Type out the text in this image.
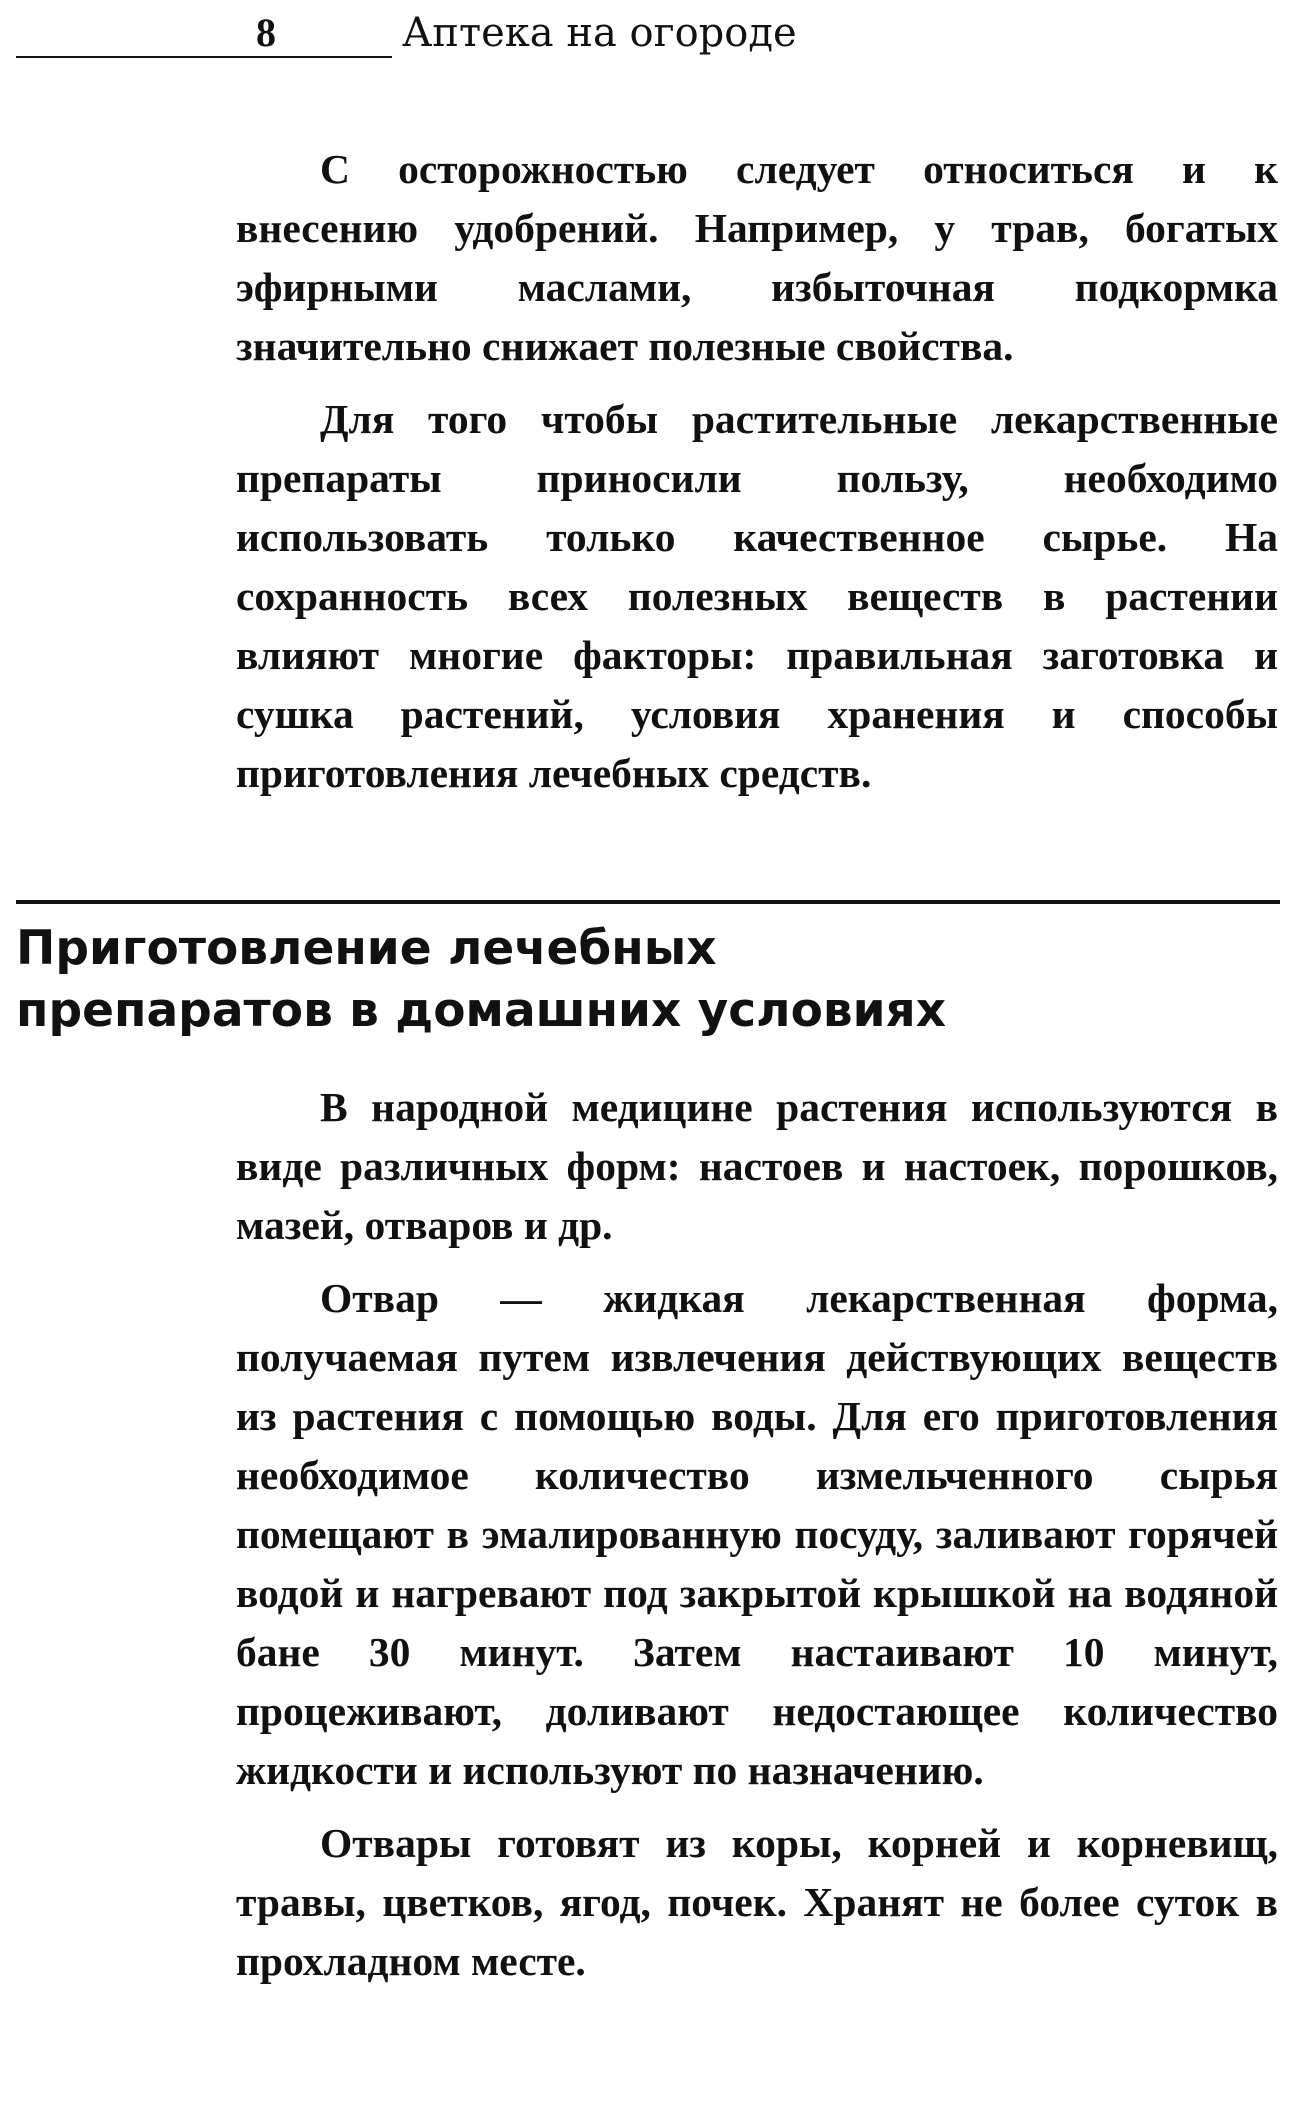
8	Аптека на огороде

С осторожностью следует относиться и к внесению удобрений. Например, у трав, богатых эфирными маслами, избыточная подкормка значительно снижает полезные свойства.

Для того чтобы растительные лекарственные препараты приносили пользу, необходимо использовать только качественное сырье. На сохранность всех полезных веществ в растении влияют многие факторы: правильная заготовка и сушка растений, условия хранения и способы приготовления лечебных средств.

Приготовление лечебных
препаратов в домашних условиях

В народной медицине растения используются в виде различных форм: настоев и настоек, порошков, мазей, отваров и др.

Отвар — жидкая лекарственная форма, получаемая путем извлечения действующих веществ из растения с помощью воды. Для его приготовления необходимое количество измельченного сырья помещают в эмалированную посуду, заливают горячей водой и нагревают под закрытой крышкой на водяной бане 30 минут. Затем настаивают 10 минут, процеживают, доливают недостающее количество жидкости и используют по назначению.

Отвары готовят из коры, корней и корневищ, травы, цветков, ягод, почек. Хранят не более суток в прохладном месте.
